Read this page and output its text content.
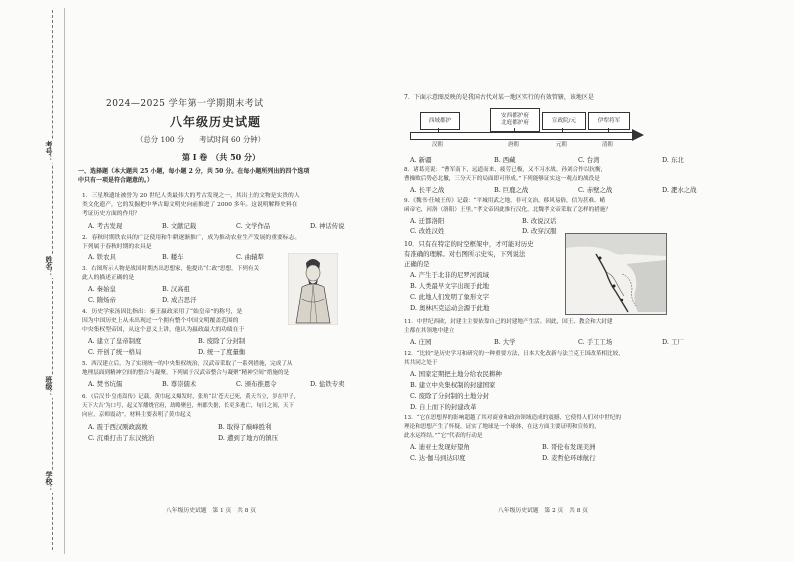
考号：
姓名：
班级：
学校：
2024—2025 学年第一学期期末考试
八年级历史试题
（总分 100 分　　考试时间 60 分钟）
第 I 卷　（共 50 分）
一、选择题（本大题共 25 小题，每小题 2 分，共 50 分。在每小题所列出的四个选项
中只有一项是符合题意的。）
1．三星堆遗址被誉为 20 世纪人类最伟大的考古发现之一，其出土的文物是实贵的人
类文化遗产，它的发掘把中华古蜀文明史向前推进了 2000 多年。这说明解释史料在
考证历史方面的作用？
A. 考古发现	B. 文献记载	C. 文学作品	D. 神话传说
2．春秋时期铁农具的广泛使用和牛耕逐渐推广，成为推动农业生产发展的重要标志。
下列属于春秋时期的农具是
A. 铁农具	B. 耧车	C. 曲辕犁
3．右图所示人物是战国时期杰出思想家，他提出“仁政”思想，下列有关
此人的描述正确的是
A. 秦始皇	B. 汉高祖
C. 隋炀帝	D. 成吉思汗
4．历史学家汤因比指出：秦王嬴政采用了“始皇帝”的称号，是
因为中国历史上从未出现过一个拥有整个中国文明覆盖范围的
中央集权型帝国，从这个意义上讲，他认为嬴政最大的功绩在于
A. 建立了皇帝制度	B. 废除了分封制
C. 开创了统一格局	D. 统一了度量衡
5．西汉建立后，为了实现统一的中央集权统治，汉武帝采取了一系列措施，完成了从
地理层面到精神空间的整合与凝聚。下列属于汉武帝整合与凝聚“精神空间”措施的是
A. 焚书坑儒	B. 尊崇儒术	C. 颁布推恩令	D. 盐铁专卖
6．《后汉书·皇甫嵩传》记载，黄巾起义爆发时，张角“以‘苍天已死，黄天当立，岁在甲子，
天下大吉’为口号，起义军燔烧官府，劫略聚邑，州郡失据，长吏多逃亡，旬日之间，天下
向应，京师震动”。材料主要表明了黄巾起义
A. 震于西汉刚政腐败	B. 取得了巅峰胜利
C. 沉重打击了东汉统治	D. 遭到了地方的镇压
八年级历史试题　第 1 页　共 8 页
7．下面示意图反映的是我国古代对某一地区实行的有效管辖，该地区是
西域都护
安西都护府
北庭都护府	宣政院/元	伊犁将军
汉朝	唐朝	元朝	清朝
A. 新疆	B. 西藏	C. 台湾	D. 东北
8．诸葛亮说：“曹军南下，远道而来，疲劳已极，又不习水战。孙刘合作以抗衡，
曹操败后势必北撤，三分天下的局面即可形成。”下列能够证实这一观点的战役是
A. 长平之战	B. 巨鹿之战	C. 赤壁之战	D. 淝水之战
9．《魏书·任城王传》记载：“平城用武之地，非可文治，移风易俗，信为甚难。崤
函帝宅，河洛（洛阳）王里。”孝文帝因此推行汉化，北魏孝文帝采取了怎样的措施？
A. 迁都洛阳	B. 改说汉话
C. 改姓汉姓	D. 改穿汉服
10．只有在特定的时空框架中，才可能对历史
有准确的理解。对右图所示史实，下列说法
正确的是
A. 产生于北非的尼罗河流域
B. 人类最早文字出现于此地
C. 此地人们发明了象形文字
D. 奥林匹克运动会源于此地
11．中世纪西欧，封建主主要依靠自己的封建地产生活。因此，国王、教会和大封建
主都在其领地中建立
A. 庄园	B. 大学	C. 手工工场	D. 工厂
12．“比较”是历史学习和研究的一种重要方法，日本大化改新与法兰克王国改革相比较，
其共同之处于
A. 国家定期把土地分给农民耕种
B. 建立中央集权制的封建国家
C. 废除了分封制的土地分封
D. 自上而下的封建改革
13．“它在思想界的影响超越了其对商业和政治领域造成的震撼，它使得人们对中世纪的
理论和思想产生了怀疑，证实了地球是一个球体，在这方面主要证明和宣传的，
此水运终结。”“它”代表的行动是
A. 迪亚士发现好望角	B. 哥伦布发现美洲
C. 达·伽马到达印度	D. 麦哲伦环球航行
八年级历史试题　第 2 页　共 8 页
